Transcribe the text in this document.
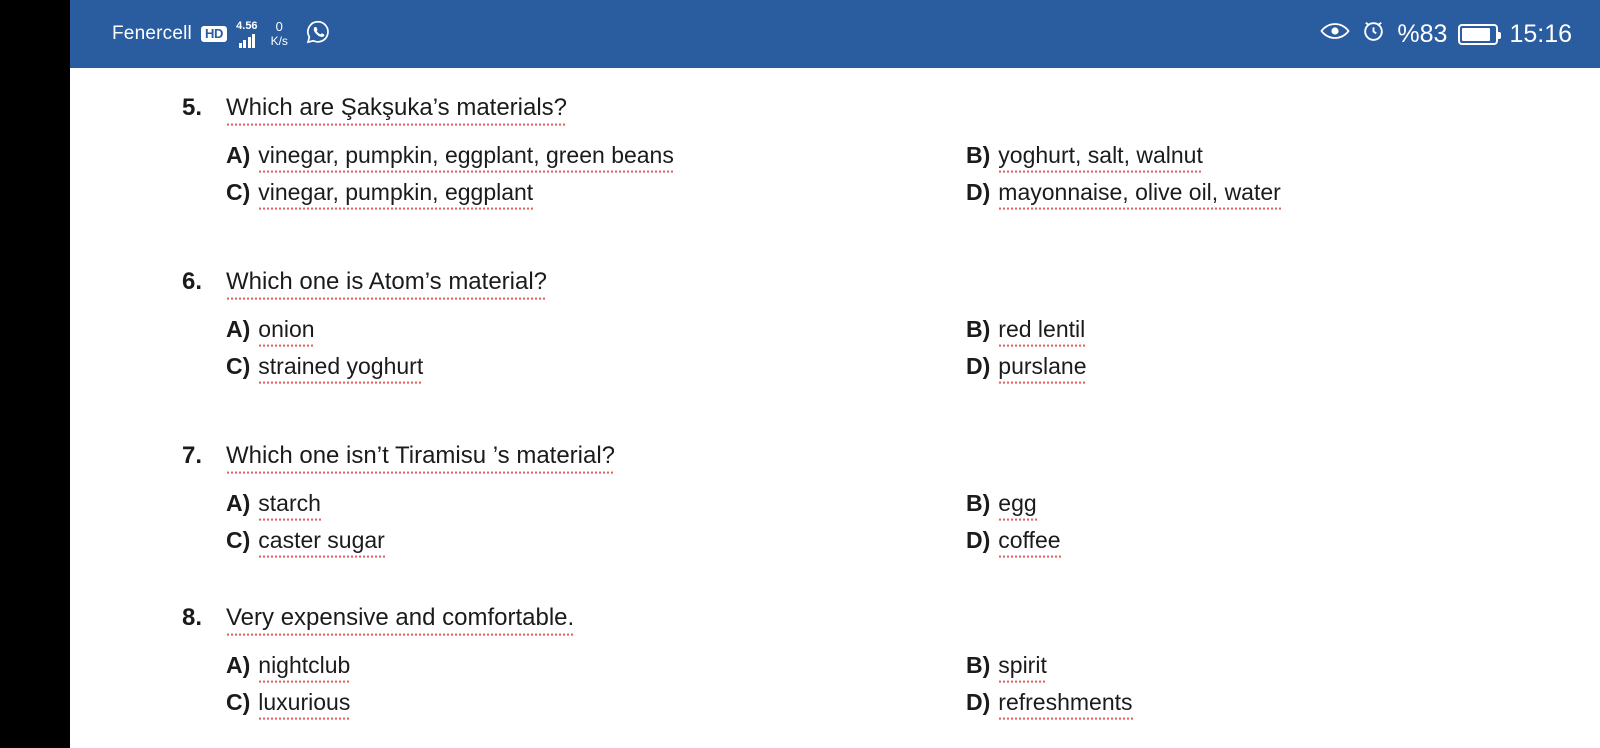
Fenercell	HD
4.56 0
K/s	%83 15:16
5. Which are Şakşuka’s materials?
A) vinegar, pumpkin, eggplant, green beans	B) yoghurt, salt, walnut
C) vinegar, pumpkin, eggplant	D) mayonnaise, olive oil, water
6. Which one is Atom’s material?
A) onion	B) red lentil
C) strained yoghurt	D) purslane
7. Which one isn’t Tiramisu ’s material?
A) starch	B) egg
C) caster sugar	D) coffee
8. Very expensive and comfortable.
A) nightclub	B) spirit
C) luxurious	D) refreshments
